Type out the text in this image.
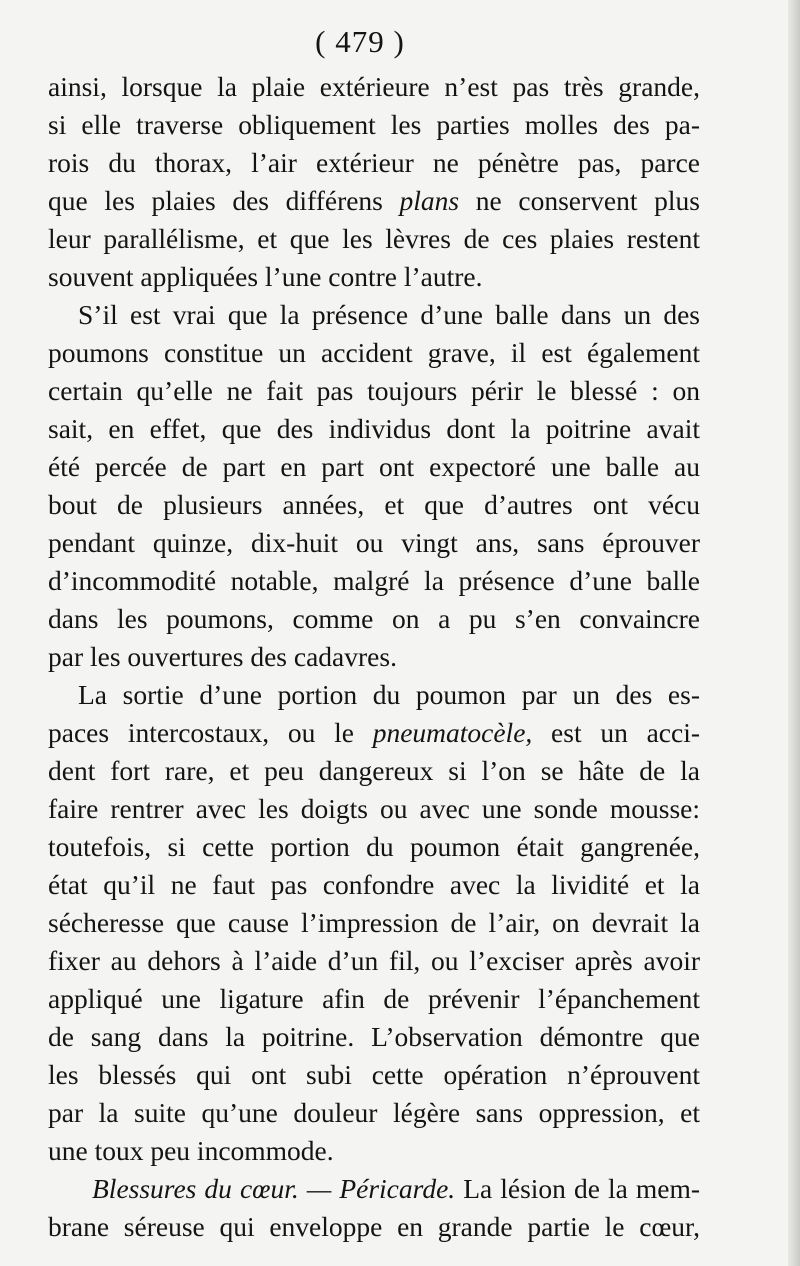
( 479 )
ainsi, lorsque la plaie extérieure n’est pas très grande,
si elle traverse obliquement les parties molles des pa-
rois du thorax, l’air extérieur ne pénètre pas, parce
que les plaies des différens plans ne conservent plus
leur parallélisme, et que les lèvres de ces plaies restent
souvent appliquées l’une contre l’autre.
S’il est vrai que la présence d’une balle dans un des
poumons constitue un accident grave, il est également
certain qu’elle ne fait pas toujours périr le blessé : on
sait, en effet, que des individus dont la poitrine avait
été percée de part en part ont expectoré une balle au
bout de plusieurs années, et que d’autres ont vécu
pendant quinze, dix-huit ou vingt ans, sans éprouver
d’incommodité notable, malgré la présence d’une balle
dans les poumons, comme on a pu s’en convaincre
par les ouvertures des cadavres.
La sortie d’une portion du poumon par un des es-
paces intercostaux, ou le pneumatocèle, est un acci-
dent fort rare, et peu dangereux si l’on se hâte de la
faire rentrer avec les doigts ou avec une sonde mousse:
toutefois, si cette portion du poumon était gangrenée,
état qu’il ne faut pas confondre avec la lividité et la
sécheresse que cause l’impression de l’air, on devrait la
fixer au dehors à l’aide d’un fil, ou l’exciser après avoir
appliqué une ligature afin de prévenir l’épanchement
de sang dans la poitrine. L’observation démontre que
les blessés qui ont subi cette opération n’éprouvent
par la suite qu’une douleur légère sans oppression, et
une toux peu incommode.
Blessures du cœur. — Péricarde. La lésion de la mem-
brane séreuse qui enveloppe en grande partie le cœur,
